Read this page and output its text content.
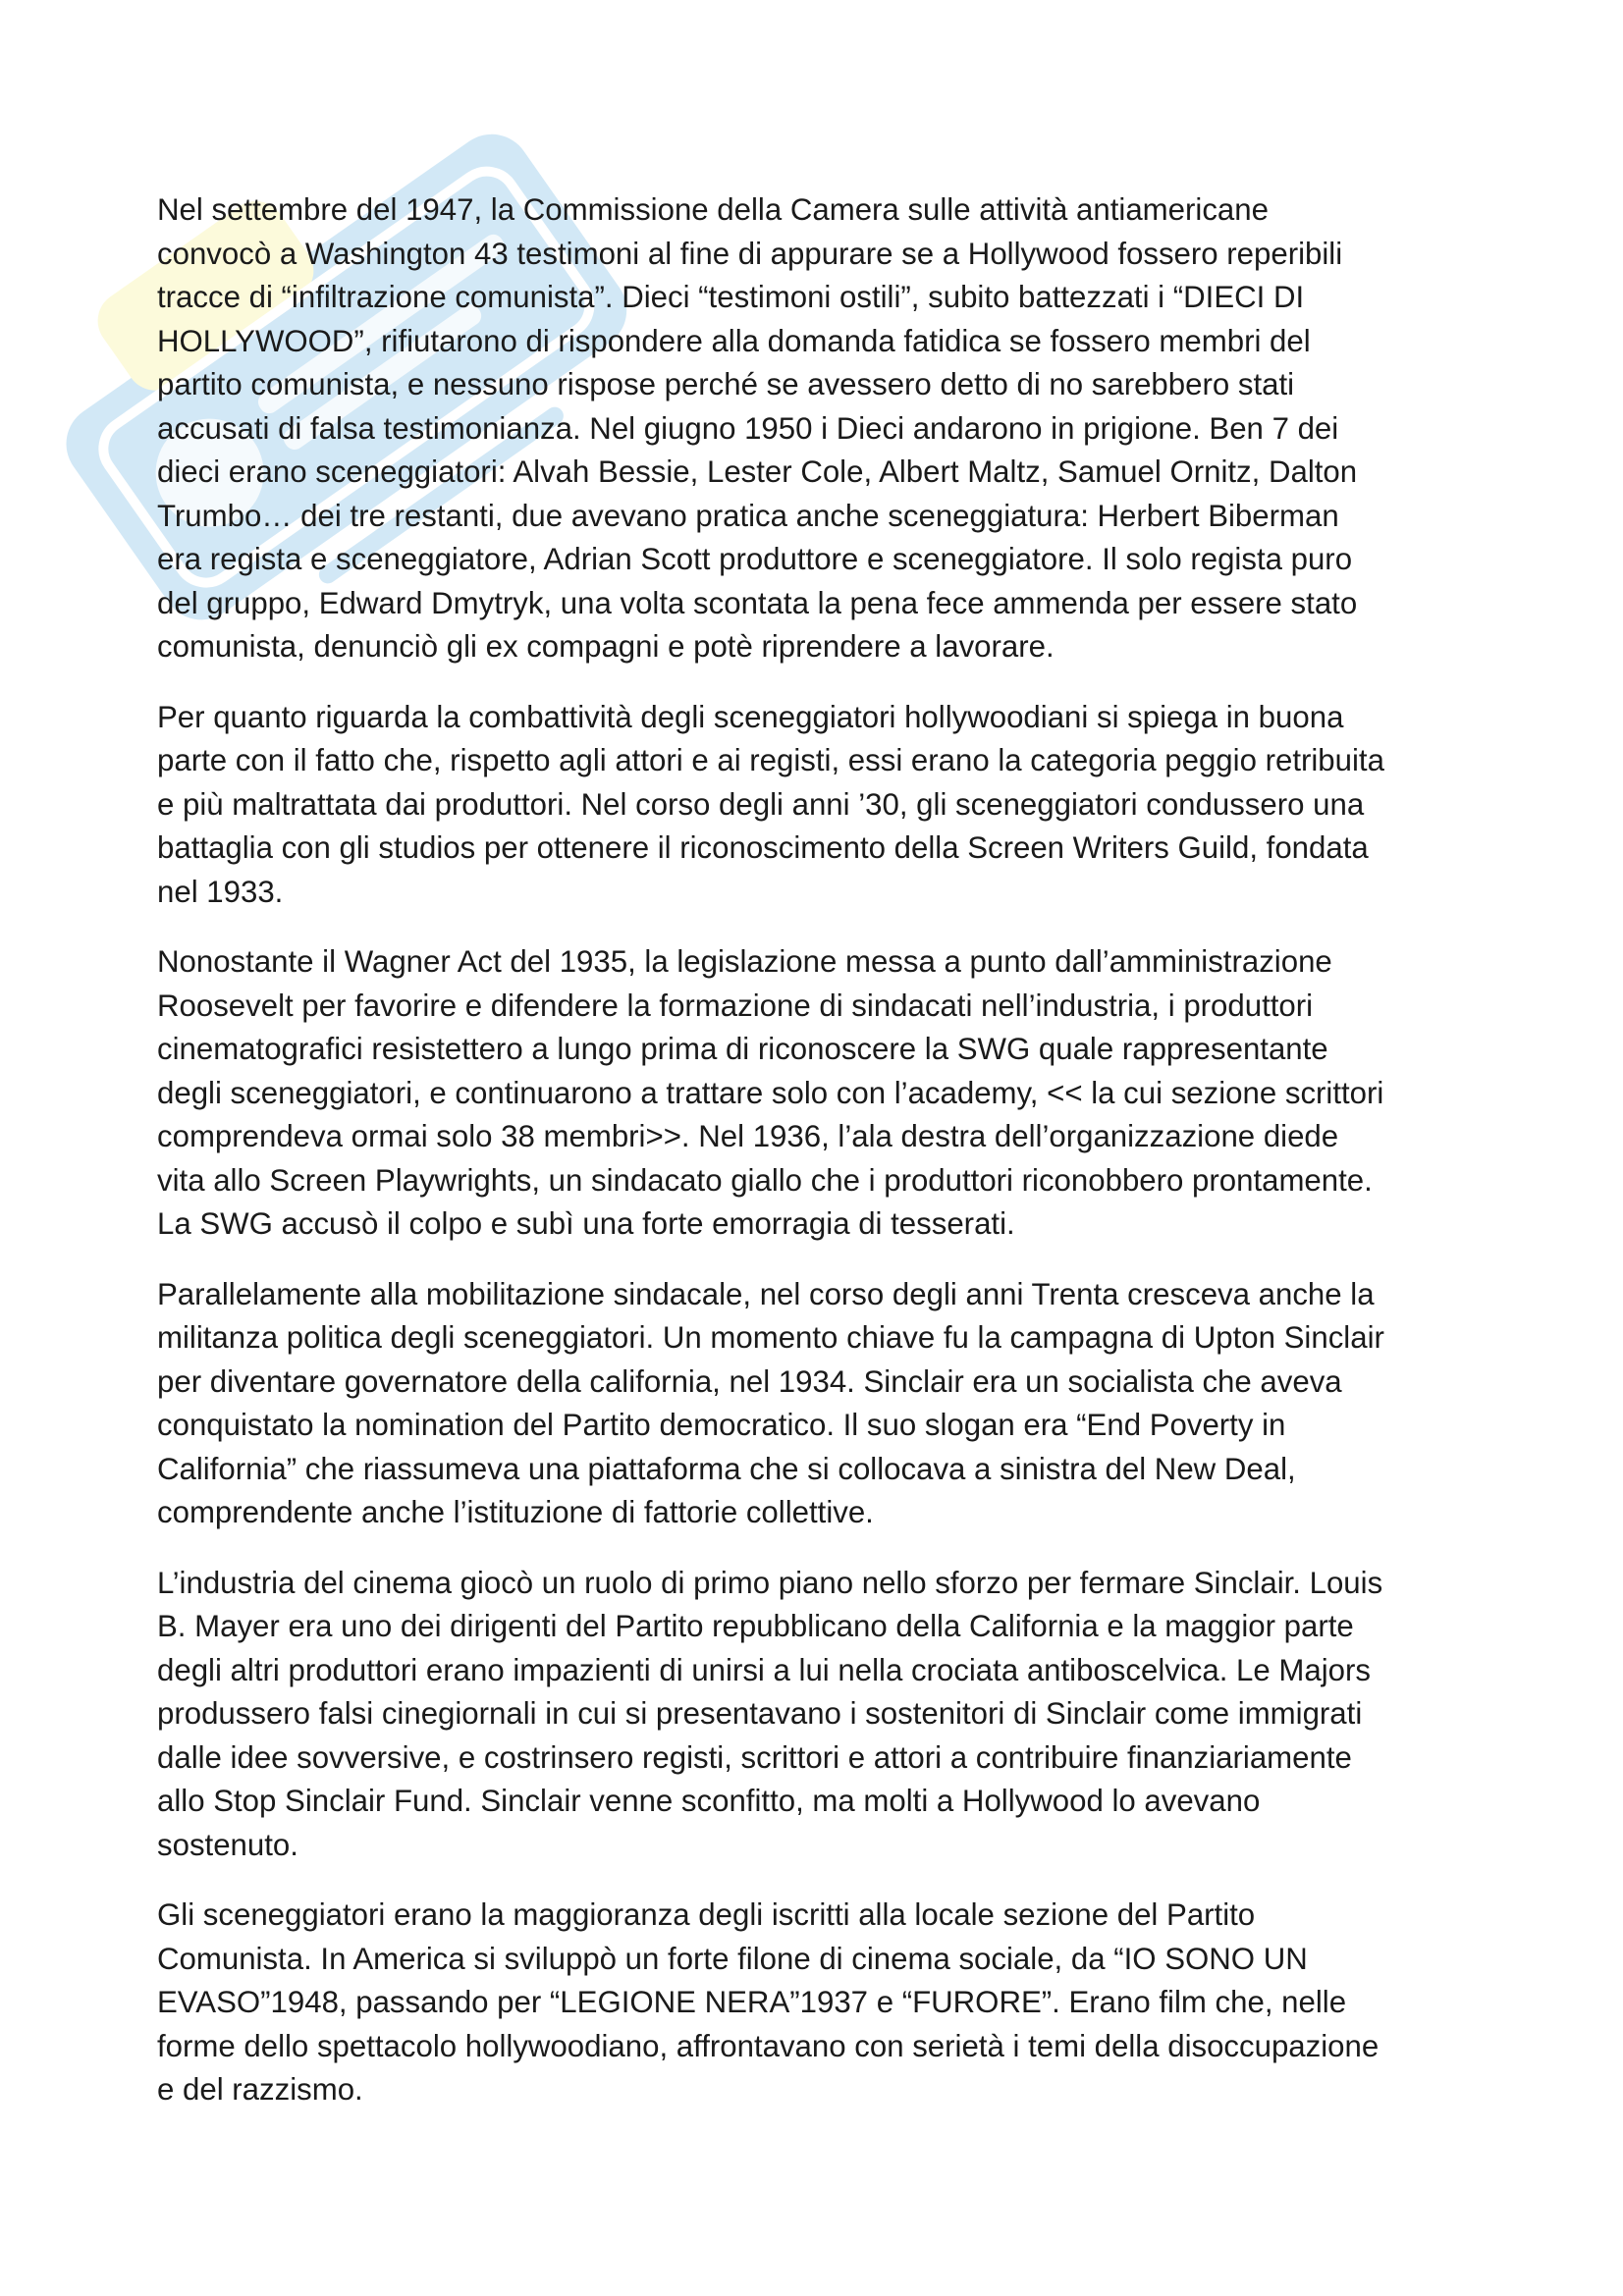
Nel settembre del 1947, la Commissione della Camera sulle attività antiamericane
convocò a Washington 43 testimoni al fine di appurare se a Hollywood fossero reperibili
tracce di “infiltrazione comunista”. Dieci “testimoni ostili”, subito battezzati i “DIECI DI
HOLLYWOOD”, rifiutarono di rispondere alla domanda fatidica se fossero membri del
partito comunista, e nessuno rispose perché se avessero detto di no sarebbero stati
accusati di falsa testimonianza. Nel giugno 1950 i Dieci andarono in prigione. Ben 7 dei
dieci erano sceneggiatori: Alvah Bessie, Lester Cole, Albert Maltz, Samuel Ornitz, Dalton
Trumbo… dei tre restanti, due avevano pratica anche sceneggiatura: Herbert Biberman
era regista e sceneggiatore, Adrian Scott produttore e sceneggiatore. Il solo regista puro
del gruppo, Edward Dmytryk, una volta scontata la pena fece ammenda per essere stato
comunista, denunciò gli ex compagni e potè riprendere a lavorare.

Per quanto riguarda la combattività degli sceneggiatori hollywoodiani si spiega in buona
parte con il fatto che, rispetto agli attori e ai registi, essi erano la categoria peggio retribuita
e più maltrattata dai produttori. Nel corso degli anni ’30, gli sceneggiatori condussero una
battaglia con gli studios per ottenere il riconoscimento della Screen Writers Guild, fondata
nel 1933.

Nonostante il Wagner Act del 1935, la legislazione messa a punto dall’amministrazione
Roosevelt per favorire e difendere la formazione di sindacati nell’industria, i produttori
cinematografici resistettero a lungo prima di riconoscere la SWG quale rappresentante
degli sceneggiatori, e continuarono a trattare solo con l’academy, << la cui sezione scrittori
comprendeva ormai solo 38 membri>>. Nel 1936, l’ala destra dell’organizzazione diede
vita allo Screen Playwrights, un sindacato giallo che i produttori riconobbero prontamente.
La SWG accusò il colpo e subì una forte emorragia di tesserati.

Parallelamente alla mobilitazione sindacale, nel corso degli anni Trenta cresceva anche la
militanza politica degli sceneggiatori. Un momento chiave fu la campagna di Upton Sinclair
per diventare governatore della california, nel 1934. Sinclair era un socialista che aveva
conquistato la nomination del Partito democratico. Il suo slogan era “End Poverty in
California” che riassumeva una piattaforma che si collocava a sinistra del New Deal,
comprendente anche l’istituzione di fattorie collettive.

L’industria del cinema giocò un ruolo di primo piano nello sforzo per fermare Sinclair. Louis
B. Mayer era uno dei dirigenti del Partito repubblicano della California e la maggior parte
degli altri produttori erano impazienti di unirsi a lui nella crociata antiboscelvica. Le Majors
produssero falsi cinegiornali in cui si presentavano i sostenitori di Sinclair come immigrati
dalle idee sovversive, e costrinsero registi, scrittori e attori a contribuire finanziariamente
allo Stop Sinclair Fund. Sinclair venne sconfitto, ma molti a Hollywood lo avevano
sostenuto.

Gli sceneggiatori erano la maggioranza degli iscritti alla locale sezione del Partito
Comunista. In America si sviluppò un forte filone di cinema sociale, da “IO SONO UN
EVASO”1948, passando per “LEGIONE NERA”1937 e “FURORE”. Erano film che, nelle
forme dello spettacolo hollywoodiano, affrontavano con serietà i temi della disoccupazione
e del razzismo.
